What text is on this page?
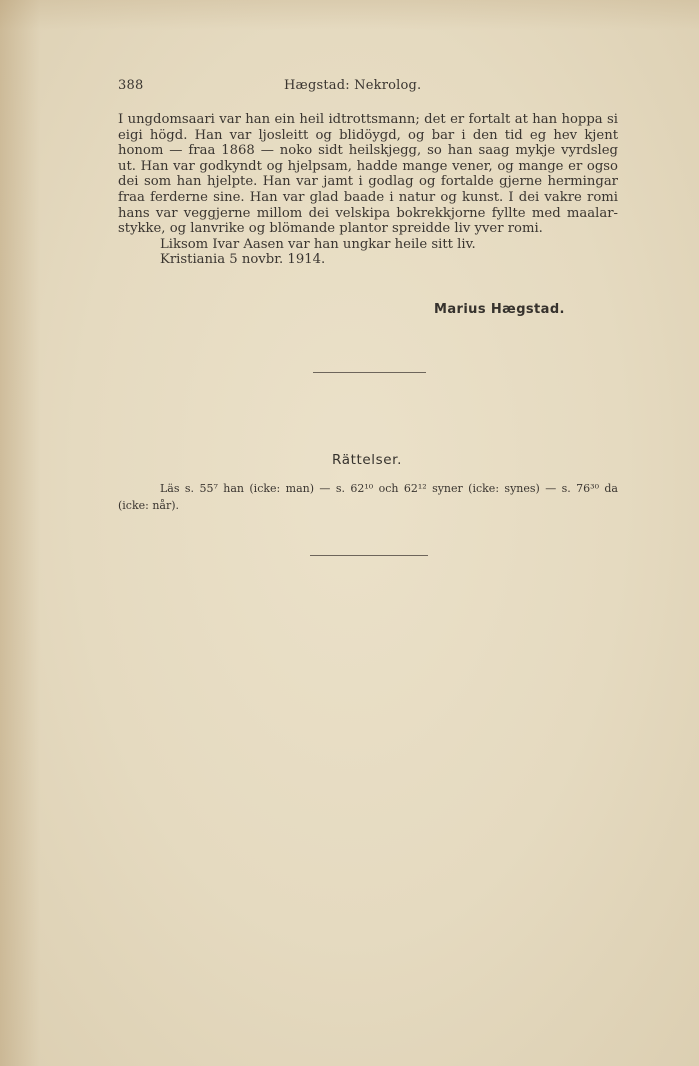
388	Hægstad: Nekrolog.

I ungdomsaari var han ein heil idtrottsmann; det er fortalt at han hoppa si eigi högd. Han var ljosleitt og blidöygd, og bar i den tid eg hev kjent honom — fraa 1868 — noko sidt heilskjegg, so han saag mykje vyrdsleg ut. Han var godkyndt og hjelpsam, hadde mange vener, og mange er ogso dei som han hjelpte. Han var jamt i godlag og fortalde gjerne hermingar fraa ferderne sine. Han var glad baade i natur og kunst. I dei vakre romi hans var veggjerne millom dei velskipa bokrekkjorne fyllte med maalar-stykke, og lanvrike og blömande plantor spreidde liv yver romi.

Liksom Ivar Aasen var han ungkar heile sitt liv.

Kristiania 5 novbr. 1914.

Marius Hægstad.
Rättelser.

Läs s. 55⁷ han (icke: man) — s. 62¹⁰ och 62¹² syner (icke: synes) — s. 76³⁰ da (icke: når).
